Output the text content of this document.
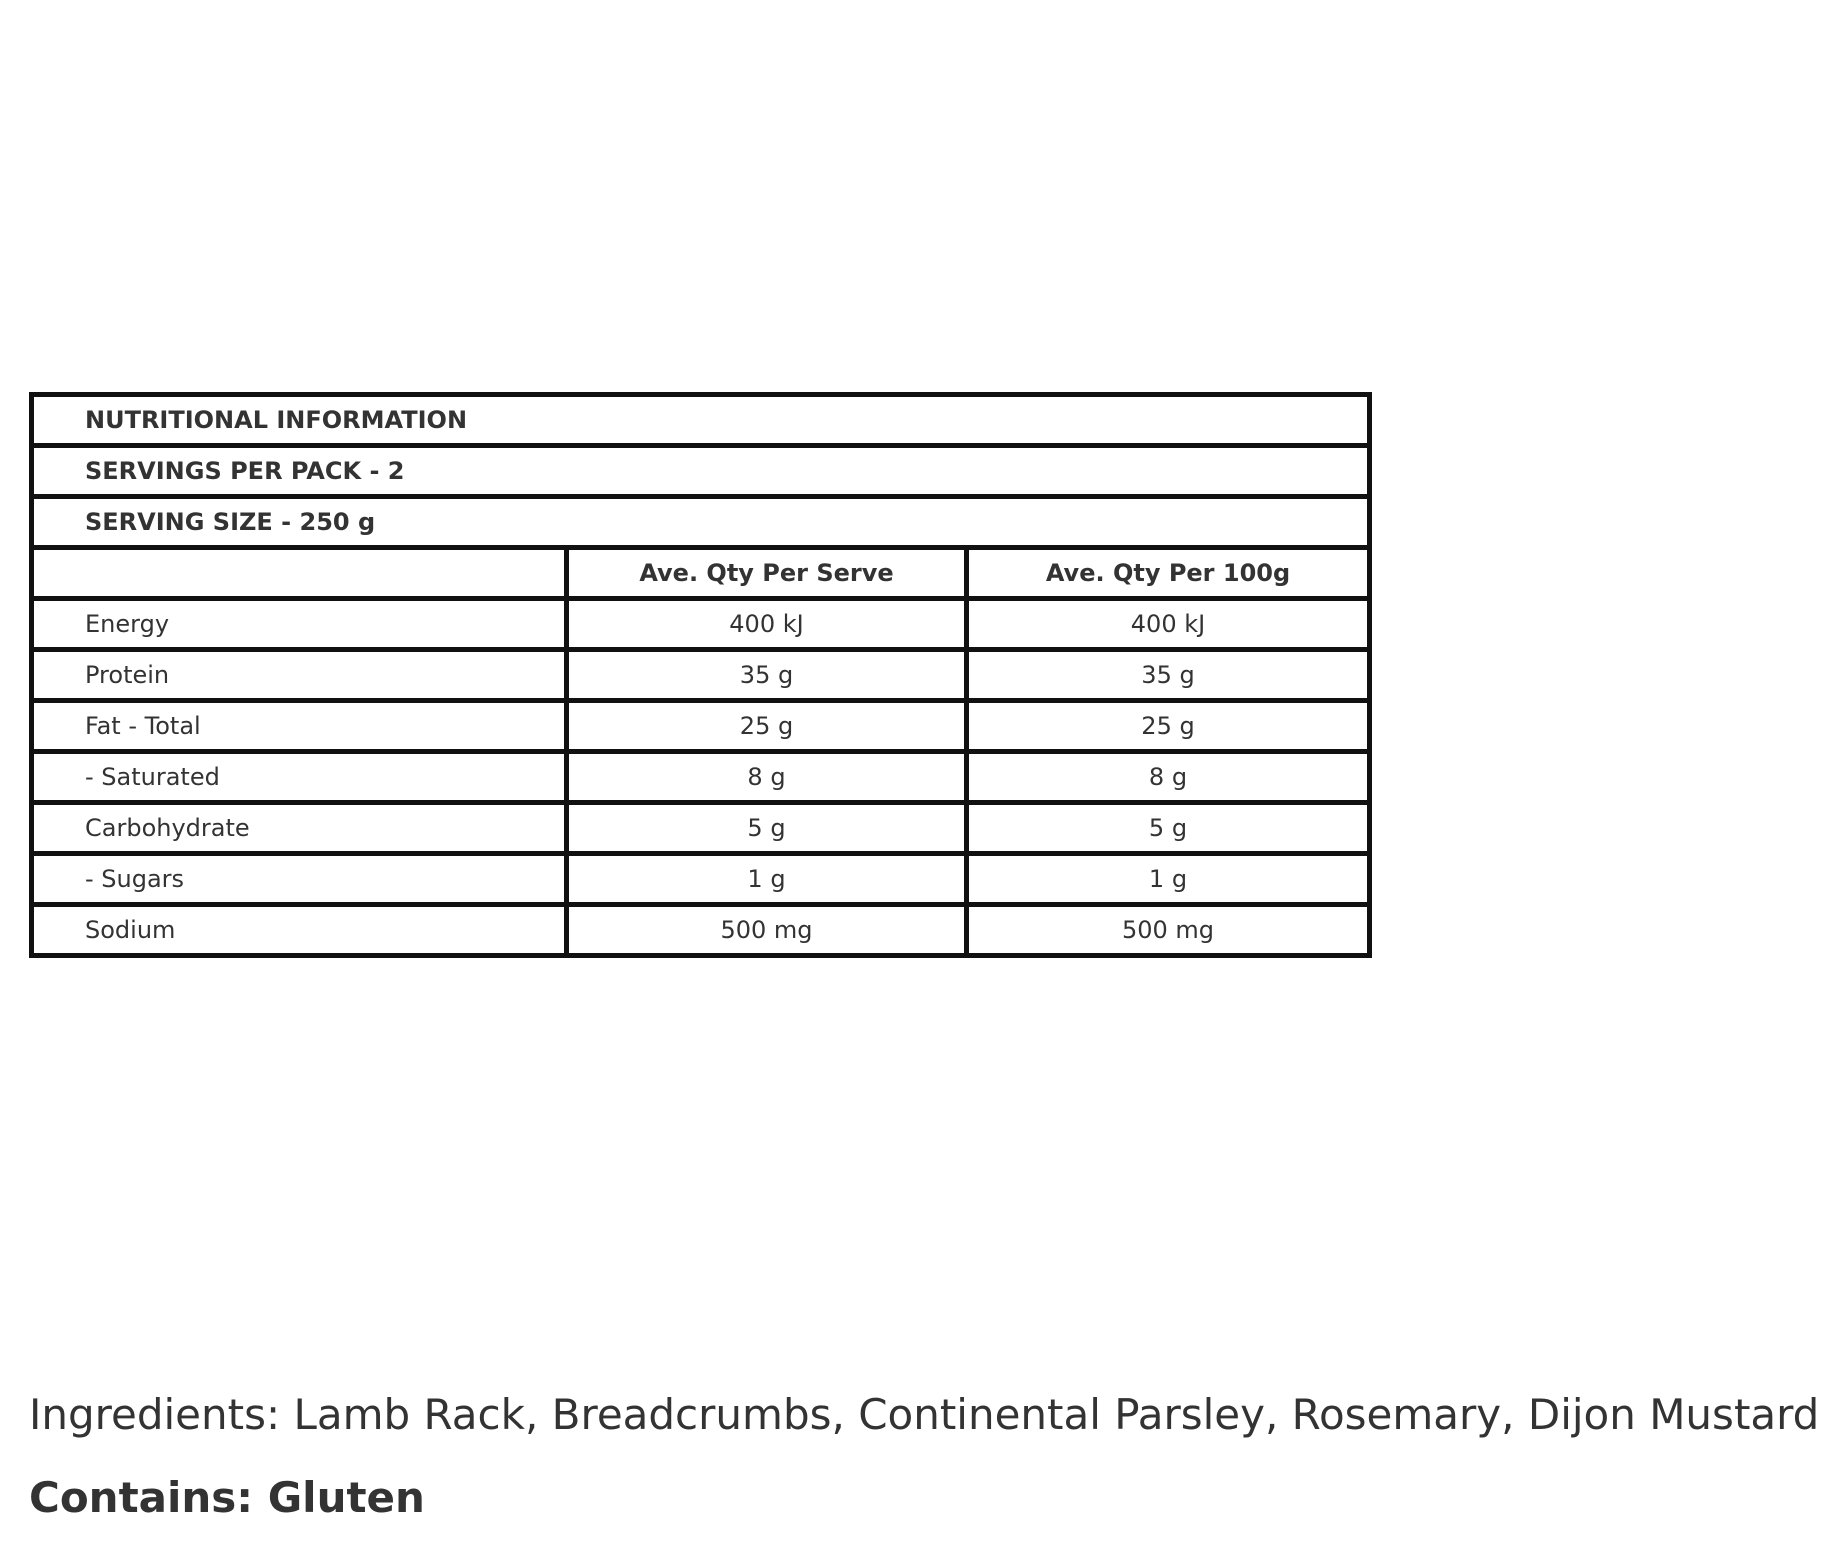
NUTRITIONAL INFORMATION		
SERVINGS PER PACK - 2		
SERVING SIZE - 250 g		
	Ave. Qty Per Serve	Ave. Qty Per 100g
Energy	400 kJ	400 kJ
Protein	35 g	35 g
Fat - Total	25 g	25 g
- Saturated	8 g	8 g
Carbohydrate	5 g	5 g
- Sugars	1 g	1 g
Sodium	500 mg	500 mg
Ingredients: Lamb Rack, Breadcrumbs, Continental Parsley, Rosemary, Dijon Mustard
Contains: Gluten
